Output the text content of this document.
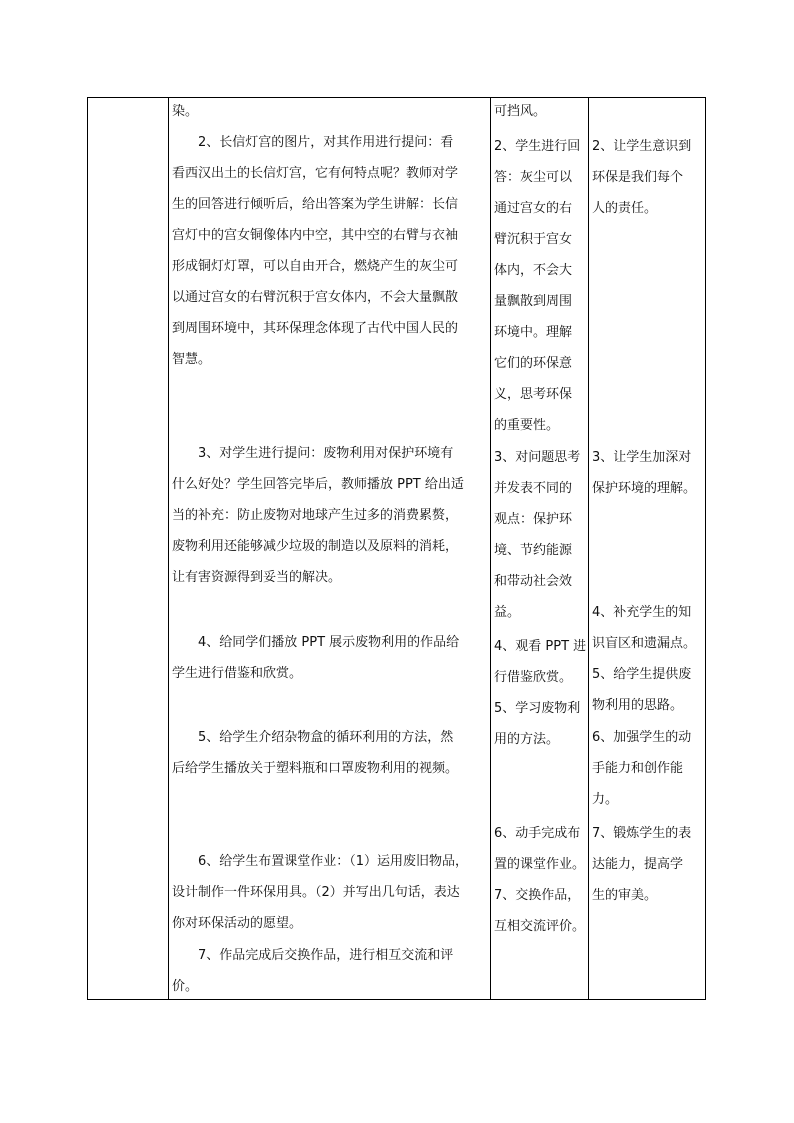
染。
　　2、长信灯宫的图片，对其作用进行提问：看
看西汉出土的长信灯宫，它有何特点呢？教师对学
生的回答进行倾听后，给出答案为学生讲解：长信
宫灯中的宫女铜像体内中空，其中空的右臂与衣袖
形成铜灯灯罩，可以自由开合，燃烧产生的灰尘可
以通过宫女的右臂沉积于宫女体内，不会大量飘散
到周围环境中，其环保理念体现了古代中国人民的
智慧。
　　3、对学生进行提问：废物利用对保护环境有
什么好处？学生回答完毕后，教师播放 PPT 给出适
当的补充：防止废物对地球产生过多的消费累赘，
废物利用还能够减少垃圾的制造以及原料的消耗，
让有害资源得到妥当的解决。
　　4、给同学们播放 PPT 展示废物利用的作品给
学生进行借鉴和欣赏。
　　5、给学生介绍杂物盒的循环利用的方法，然
后给学生播放关于塑料瓶和口罩废物利用的视频。
　　6、给学生布置课堂作业：（1）运用废旧物品，
设计制作一件环保用具。（2）并写出几句话，表达
你对环保活动的愿望。
　　7、作品完成后交换作品，进行相互交流和评
价。
可挡风。
2、学生进行回
答：灰尘可以
通过宫女的右
臂沉积于宫女
体内，不会大
量飘散到周围
环境中。理解
它们的环保意
义，思考环保
的重要性。
3、对问题思考
并发表不同的
观点：保护环
境、节约能源
和带动社会效
益。
4、观看 PPT 进
行借鉴欣赏。
5、学习废物利
用的方法。
6、动手完成布
置的课堂作业。
7、交换作品，
互相交流评价。
2、让学生意识到
环保是我们每个
人的责任。
3、让学生加深对
保护环境的理解。
4、补充学生的知
识盲区和遗漏点。
5、给学生提供废
物利用的思路。
6、加强学生的动
手能力和创作能
力。
7、锻炼学生的表
达能力，提高学
生的审美。
